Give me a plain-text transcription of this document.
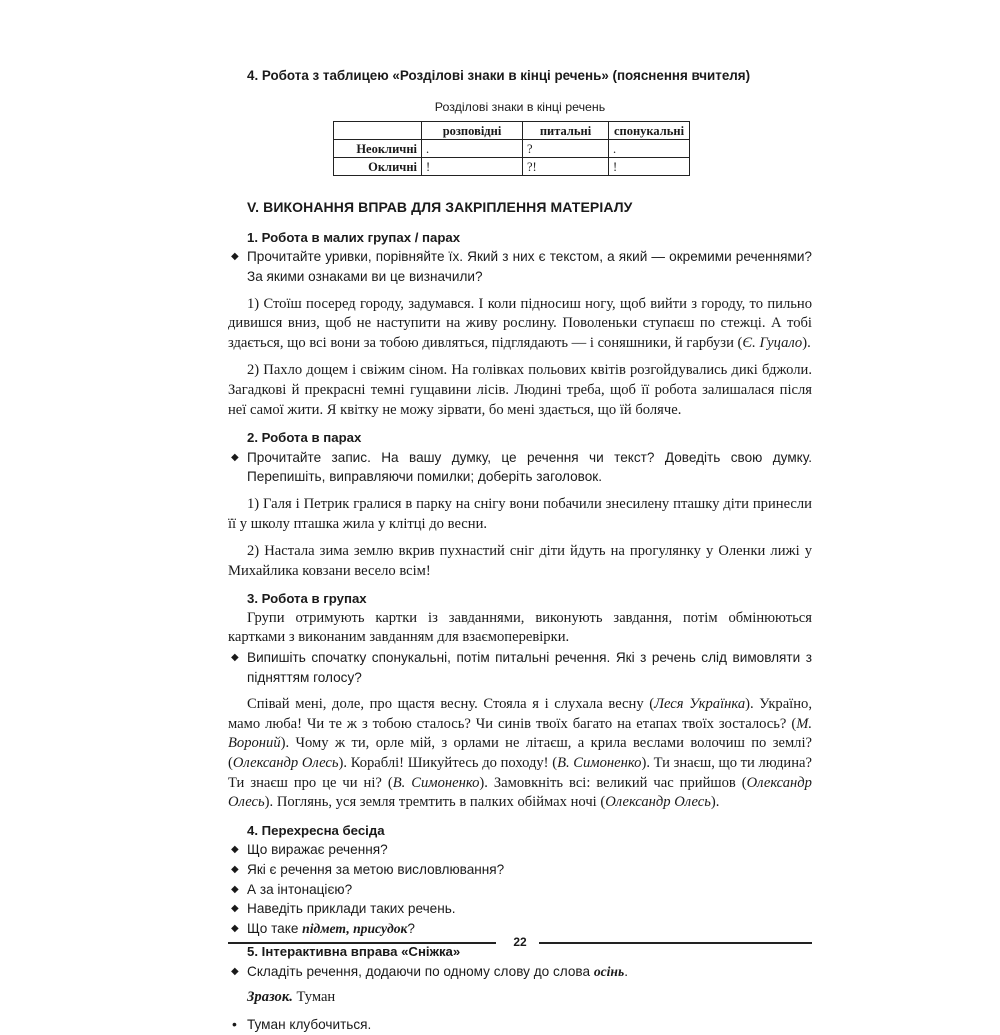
4. Робота з таблицею «Розділові знаки в кінці речень» (пояснення вчителя)
Розділові знаки в кінці речень
	розповідні	питальні	спонукальні
Неокличні	.	?	.
Окличні	!	?!	!
V. ВИКОНАННЯ ВПРАВ ДЛЯ ЗАКРІПЛЕННЯ МАТЕРІАЛУ
1. Робота в малих групах / парах

◆ Прочитайте уривки, порівняйте їх. Який з них є текстом, а який — окремими реченнями? За якими ознаками ви це визначили?

1) Стоїш посеред городу, задумався. І коли підносиш ногу, щоб вийти з городу, то пильно дивишся вниз, щоб не наступити на живу рослину. Поволеньки ступаєш по стежці. А тобі здається, що всі вони за тобою дивляться, підглядають — і соняшники, й гарбузи (Є. Гуцало).

2) Пахло дощем і свіжим сіном. На голівках польових квітів розгойдувались дикі бджоли. Загадкові й прекрасні темні гущавини лісів. Людині треба, щоб її робота залишалася після неї самої жити. Я квітку не можу зірвати, бо мені здається, що їй боляче.

2. Робота в парах

◆ Прочитайте запис. На вашу думку, це речення чи текст? Доведіть свою думку. Перепишіть, виправляючи помилки; доберіть заголовок.

1) Галя і Петрик гралися в парку на снігу вони побачили знесилену пташку діти принесли її у школу пташка жила у клітці до весни.

2) Настала зима землю вкрив пухнастий сніг діти йдуть на прогулянку у Оленки лижі у Михайлика ковзани весело всім!

3. Робота в групах

Групи отримують картки із завданнями, виконують завдання, потім обмінюються картками з виконаним завданням для взаємоперевірки.

◆ Випишіть спочатку спонукальні, потім питальні речення. Які з речень слід вимовляти з підняттям голосу?

Співай мені, доле, про щастя весну. Стояла я і слухала весну (Леся Українка). Україно, мамо люба! Чи те ж з тобою сталось? Чи синів твоїх багато на етапах твоїх зосталось? (М. Вороний). Чому ж ти, орле мій, з орлами не літаєш, а крила веслами волочиш по землі? (Олександр Олесь). Кораблі! Шикуйтесь до походу! (В. Симоненко). Ти знаєш, що ти людина? Ти знаєш про це чи ні? (В. Симоненко). Замовкніть всі: великий час прийшов (Олександр Олесь). Поглянь, уся земля тремтить в палких обіймах ночі (Олександр Олесь).

4. Перехресна бесіда

◆ Що виражає речення?

◆ Які є речення за метою висловлювання?

◆ А за інтонацією?

◆ Наведіть приклади таких речень.

◆ Що таке підмет, присудок?

5. Інтерактивна вправа «Сніжка»

◆ Складіть речення, додаючи по одному слову до слова осінь.

Зразок. Туман

• Туман клубочиться.

22
